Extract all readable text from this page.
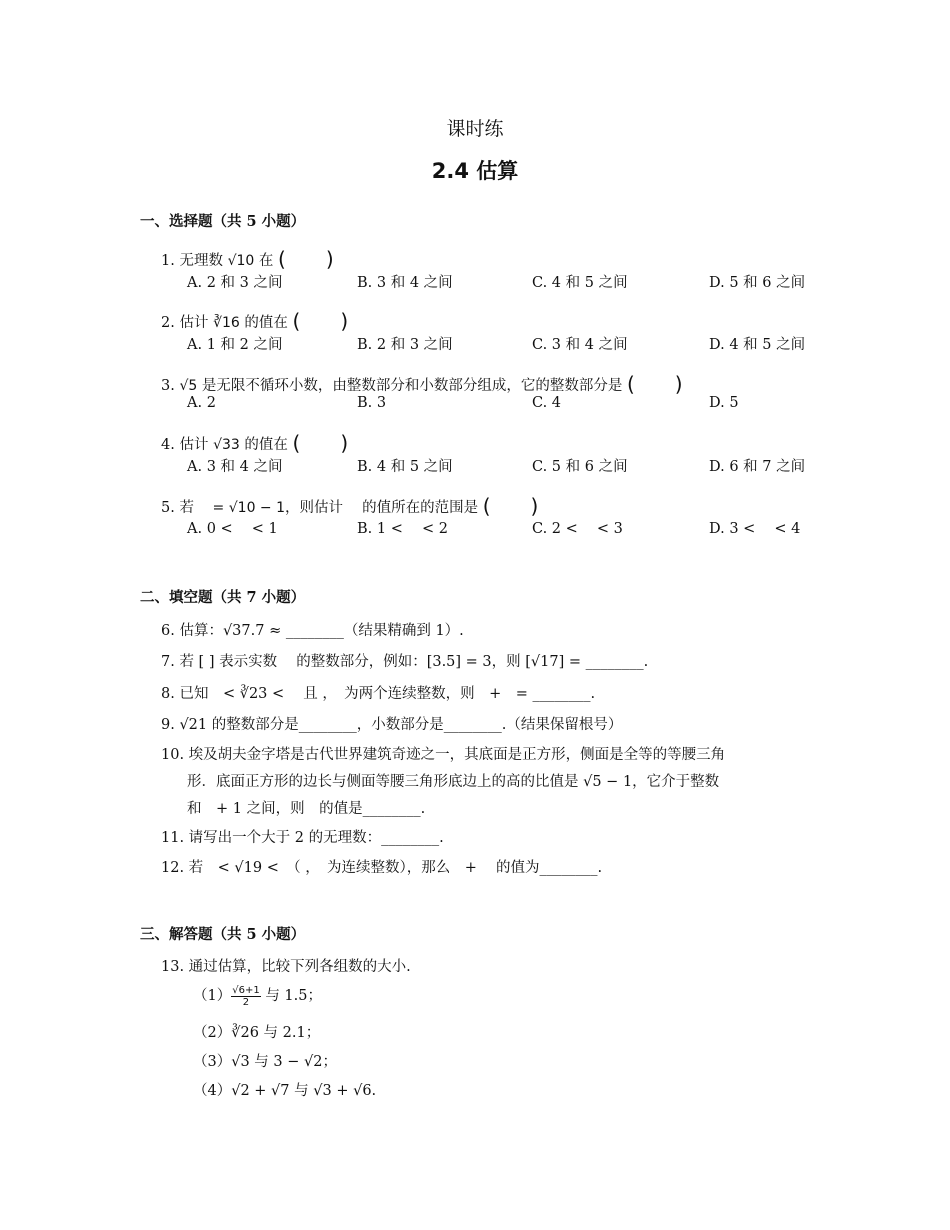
课时练
2.4 估算
一、选择题（共 5 小题）
1. 无理数 √10 在 (　　)
A. 2 和 3 之间	B. 3 和 4 之间	C. 4 和 5 之间	D. 5 和 6 之间
2. 估计 ∛16 的值在 (　　)
A. 1 和 2 之间	B. 2 和 3 之间	C. 3 和 4 之间	D. 4 和 5 之间
3. √5 是无限不循环小数，由整数部分和小数部分组成，它的整数部分是 (　　)
A. 2	B. 3	C. 4	D. 5
4. 估计 √33 的值在 (　　)
A. 3 和 4 之间	B. 4 和 5 之间	C. 5 和 6 之间	D. 6 和 7 之间
5. 若 　= √10 − 1，则估计　 的值所在的范围是 (　　)
A. 0 <　 < 1	B. 1 <　 < 2	C. 2 <　 < 3	D. 3 <　 < 4
二、填空题（共 7 小题）
6. 估算：√37.7 ≈ ________（结果精确到 1）.
7. 若 [ ] 表示实数　 的整数部分，例如：[3.5] = 3，则 [√17] = ________.
8. 已知　< ∛23 <　 且 ，　为两个连续整数，则　+　= ________.
9. √21 的整数部分是________，小数部分是________.（结果保留根号）
10. 埃及胡夫金字塔是古代世界建筑奇迹之一，其底面是正方形，侧面是全等的等腰三角
形．底面正方形的边长与侧面等腰三角形底边上的高的比值是 √5 − 1，它介于整数
和　+ 1 之间，则　的值是________.
11. 请写出一个大于 2 的无理数：________.
12. 若　< √19 <　（ ，　为连续整数），那么　+　 的值为________.
三、解答题（共 5 小题）
13. 通过估算，比较下列各组数的大小.
$(1) \frac{√6+1}{2}$ 与 1.5；
（2）∛26 与 2.1；
（3）√3 与 3 − √2；
（4）√2 + √7 与 √3 + √6.
